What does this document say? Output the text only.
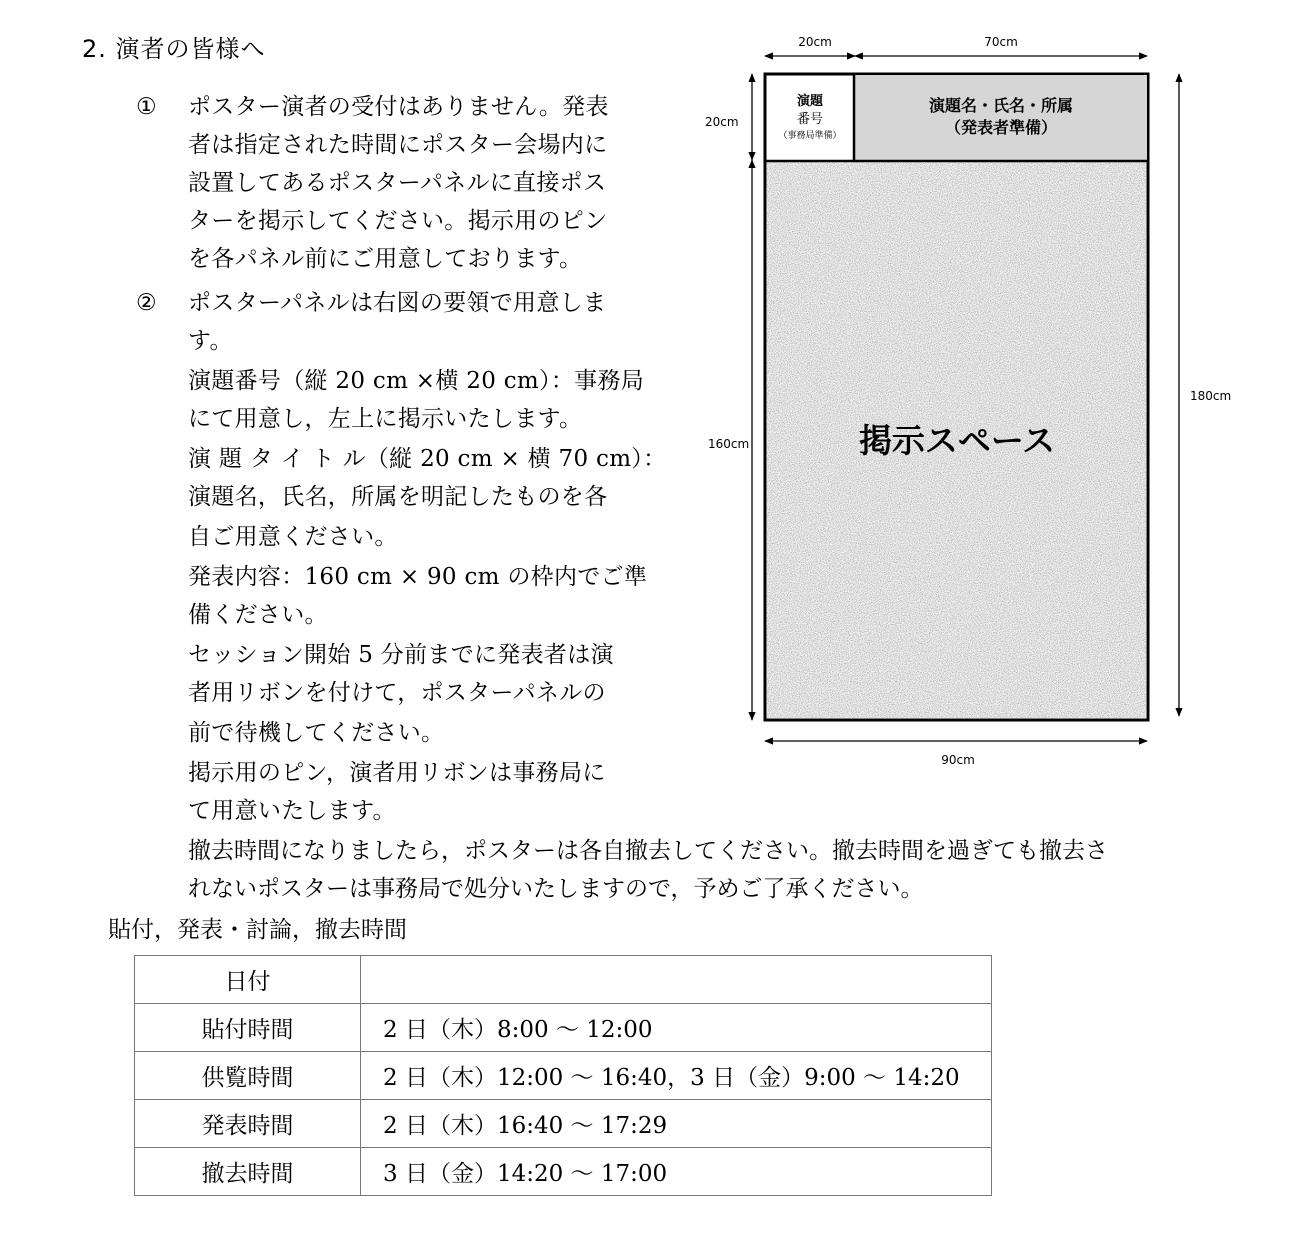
2. 演者の皆様へ
① ポスター演者の受付はありません。発表
者は指定された時間にポスター会場内に
設置してあるポスターパネルに直接ポス
ターを掲示してください。掲示用のピン
を各パネル前にご用意しております。
② ポスターパネルは右図の要領で用意しま
す。
演題番号（縦 20 cm ×横 20 cm）：事務局
にて用意し，左上に掲示いたします。
演 題 タ イ ト ル（縦 20 cm × 横 70 cm）：
演題名，氏名，所属を明記したものを各
自ご用意ください。
発表内容：160 cm × 90 cm の枠内でご準
備ください。
セッション開始 5 分前までに発表者は演
者用リボンを付けて，ポスターパネルの
前で待機してください。
掲示用のピン，演者用リボンは事務局に
て用意いたします。
撤去時間になりましたら，ポスターは各自撤去してください。撤去時間を過ぎても撤去さ
れないポスターは事務局で処分いたしますので，予めご了承ください。
貼付，発表・討論，撤去時間
日付	
貼付時間	2 日（木）8:00 ～ 12:00
供覧時間	2 日（木）12:00 ～ 16:40，3 日（金）9:00 ～ 14:20
発表時間	2 日（木）16:40 ～ 17:29
撤去時間	3 日（金）14:20 ～ 17:00
20cm	70cm
20cm
160cm
180cm
90cm
演題
番号
（事務局準備）
演題名・氏名・所属
（発表者準備）
掲示スペース
